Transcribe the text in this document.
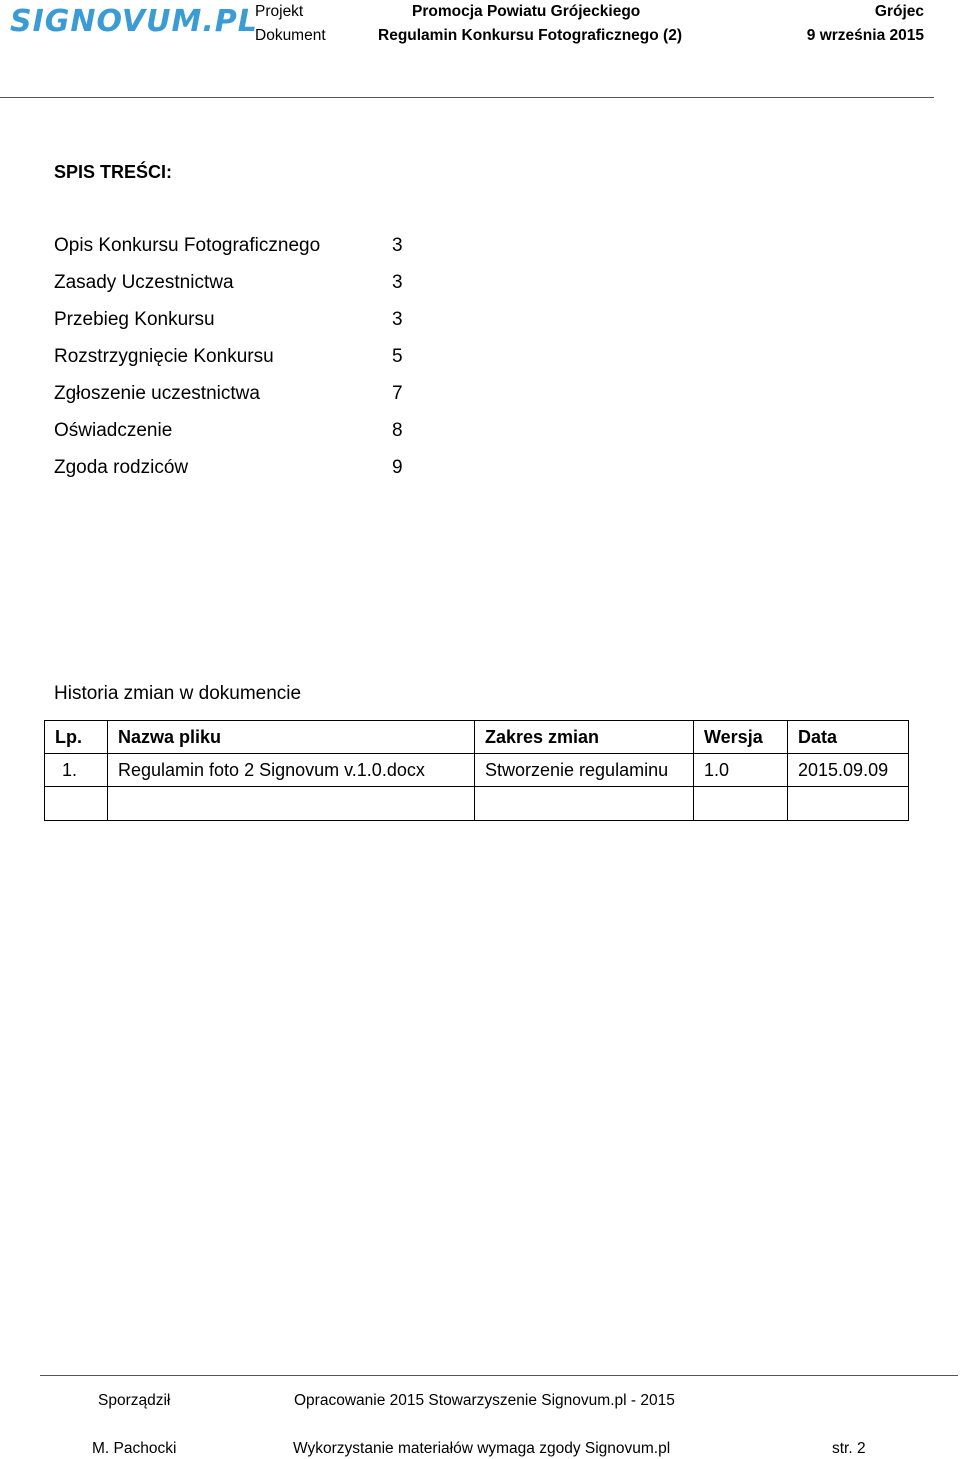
SIGNOVUM.PL
Projekt	Promocja Powiatu Grójeckiego	Grójec
Dokument	Regulamin Konkursu Fotograficznego (2)	9 września 2015
SPIS TREŚCI:
Opis Konkursu Fotograficznego	3
Zasady Uczestnictwa	3
Przebieg Konkursu	3
Rozstrzygnięcie Konkursu	5
Zgłoszenie uczestnictwa	7
Oświadczenie	8
Zgoda rodziców	9
Historia zmian w dokumencie
Lp.	Nazwa pliku	Zakres zmian	Wersja	Data
1.	Regulamin foto 2 Signovum v.1.0.docx	Stworzenie regulaminu	1.0	2015.09.09

Sporządził	Opracowanie 2015 Stowarzyszenie Signovum.pl - 2015
M. Pachocki	Wykorzystanie materiałów wymaga zgody Signovum.pl	str. 2
